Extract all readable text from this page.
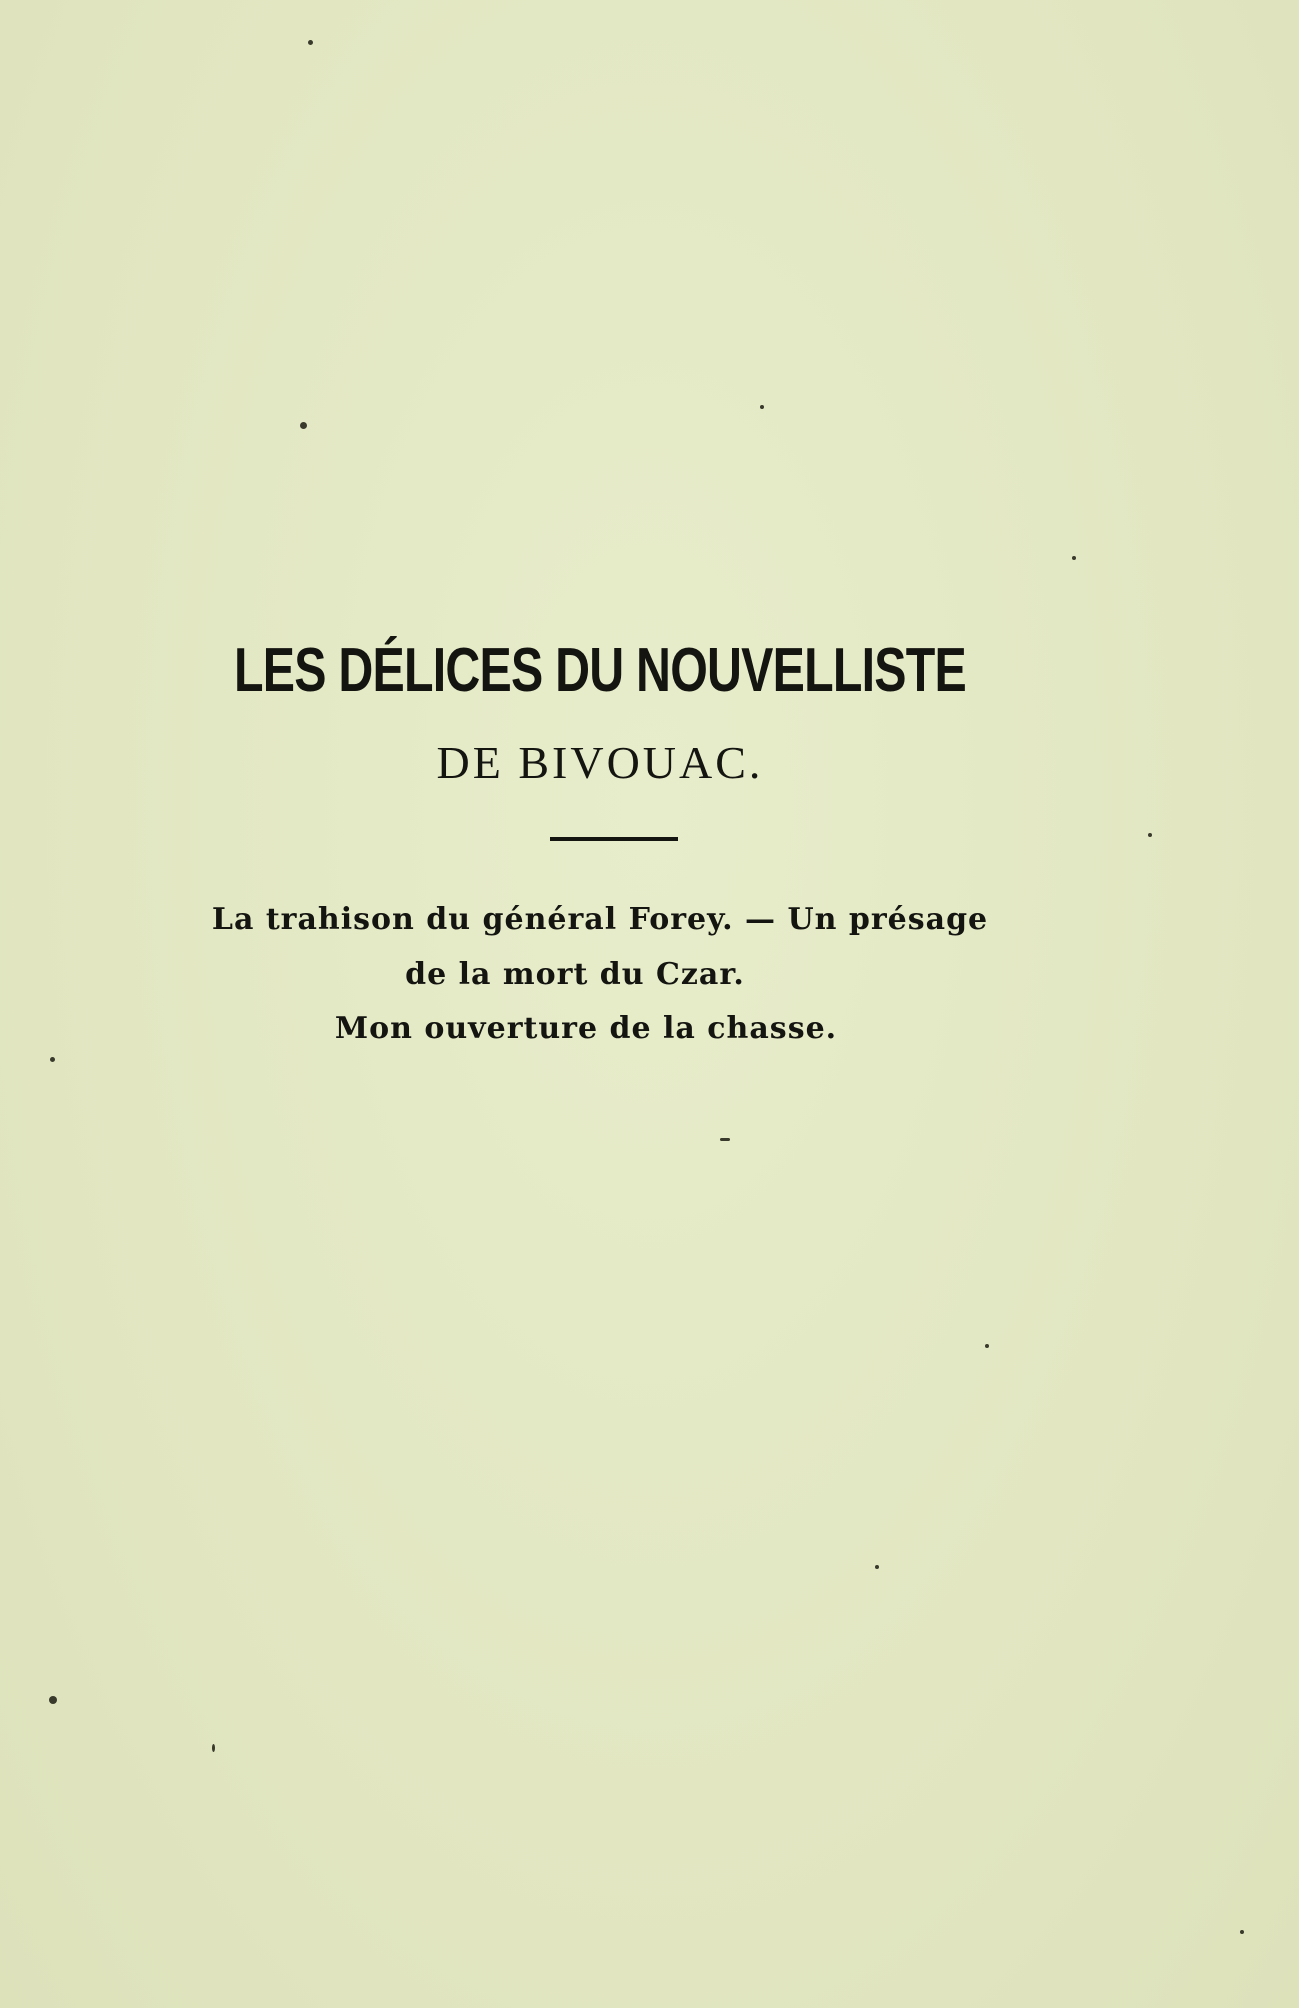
LES DÉLICES DU NOUVELLISTE
DE BIVOUAC.
La trahison du général Forey. — Un présage
de la mort du Czar.
Mon ouverture de la chasse.
